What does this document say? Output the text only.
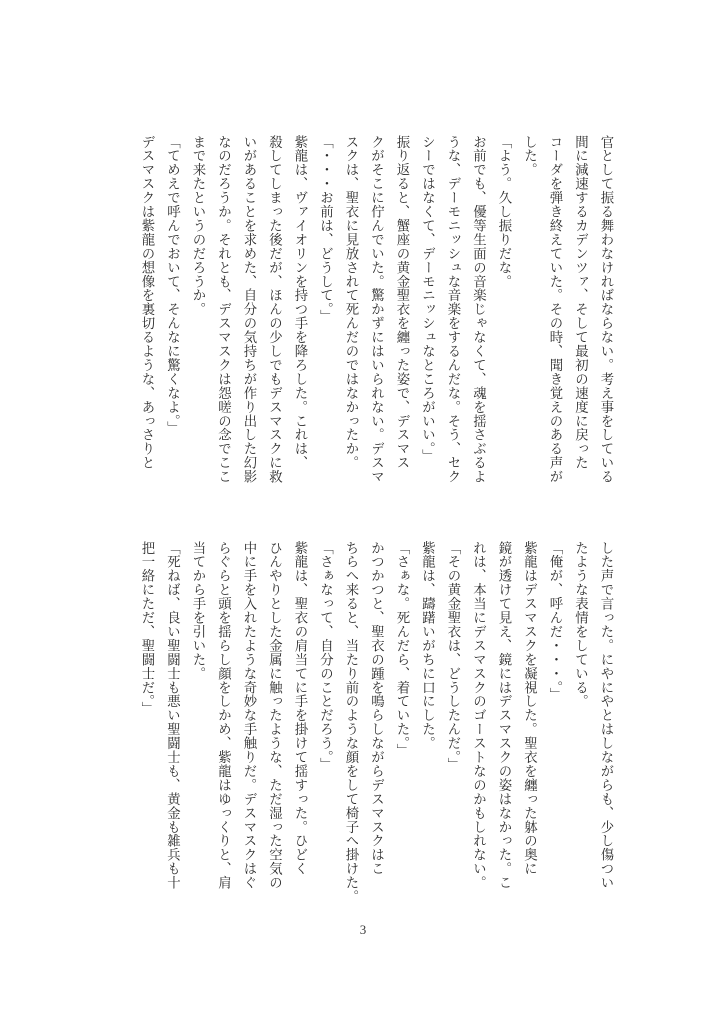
官として振る舞わなければならない。考え事をしている
間に減速するカデンツァ、そして最初の速度に戻った
コーダを弾き終えていた。その時、聞き覚えのある声が
した。
「よう。久し振りだな。
お前でも、優等生面の音楽じゃなくて、魂を揺さぶるよ
うな、デーモニッシュな音楽をするんだな。そう、セク
シーではなくて、デーモニッシュなところがいい。」
振り返ると、蟹座の黄金聖衣を纏った姿で、デスマス
クがそこに佇んでいた。驚かずにはいられない。デスマ
スクは、聖衣に見放されて死んだのではなかったか。
「・・・お前は、どうして。」
紫龍は、ヴァイオリンを持つ手を降ろした。これは、
殺してしまった後だが、ほんの少しでもデスマスクに救
いがあることを求めた、自分の気持ちが作り出した幻影
なのだろうか。それとも、デスマスクは怨嗟の念でここ
まで来たというのだろうか。
「てめえで呼んでおいて、そんなに驚くなよ。」
デスマスクは紫龍の想像を裏切るような、あっさりと
した声で言った。にやにやとはしながらも、少し傷つい
たような表情をしている。
「俺が、呼んだ・・・。」
紫龍はデスマスクを凝視した。聖衣を纏った躰の奥に
鏡が透けて見え、鏡にはデスマスクの姿はなかった。こ
れは、本当にデスマスクのゴーストなのかもしれない。
「その黄金聖衣は、どうしたんだ。」
紫龍は、躊躇いがちに口にした。
「さぁな。死んだら、着ていた。」
かつかつと、聖衣の踵を鳴らしながらデスマスクはこ
ちらへ来ると、当たり前のような顔をして椅子へ掛けた。
「さぁなって、自分のことだろう。」
紫龍は、聖衣の肩当てに手を掛けて揺すった。ひどく
ひんやりとした金属に触ったような、ただ湿った空気の
中に手を入れたような奇妙な手触りだ。デスマスクはぐ
らぐらと頭を揺らし顔をしかめ、紫龍はゆっくりと、肩
当てから手を引いた。
「死ねば、良い聖闘士も悪い聖闘士も、黄金も雑兵も十
把一絡にただ、聖闘士だ。」
3
